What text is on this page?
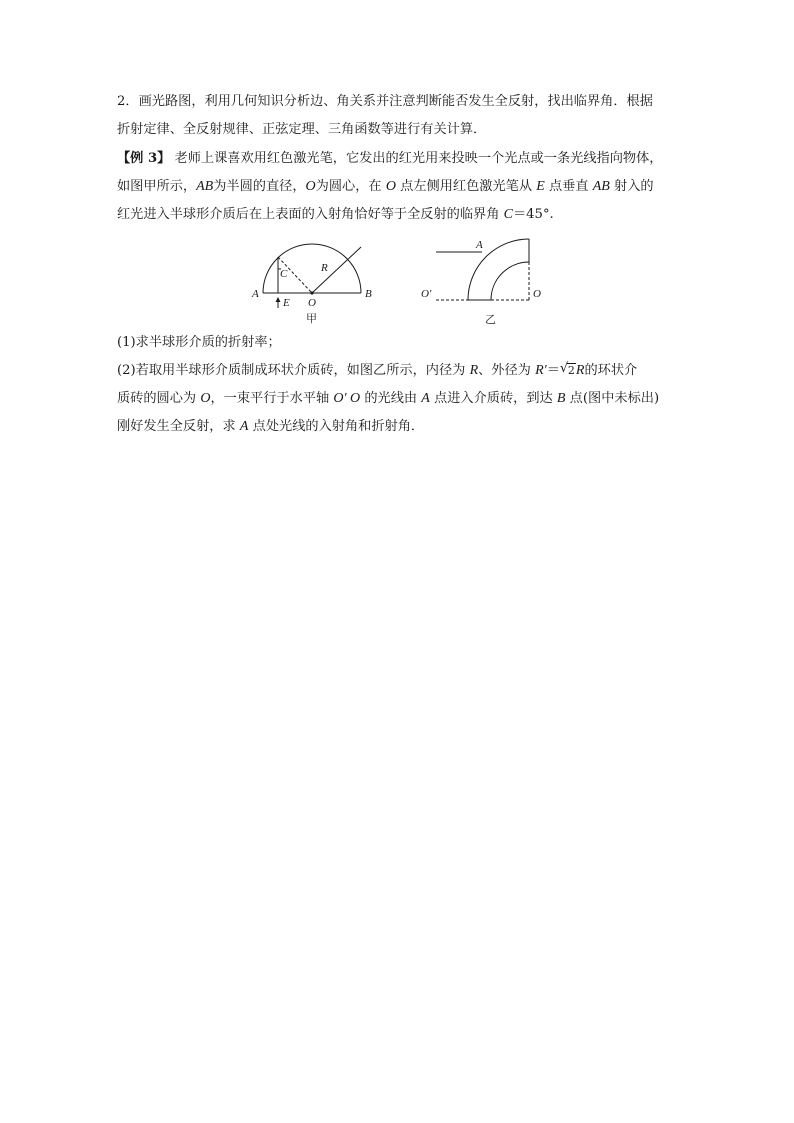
2．画光路图，利用几何知识分析边、角关系并注意判断能否发生全反射，找出临界角．根据
折射定律、全反射规律、正弦定理、三角函数等进行有关计算．
【例 3】 老师上课喜欢用红色激光笔，它发出的红光用来投映一个光点或一条光线指向物体，
如图甲所示，AB为半圆的直径，O为圆心，在 O 点左侧用红色激光笔从 E 点垂直 AB 射入的
红光进入半球形介质后在上表面的入射角恰好等于全反射的临界角 C＝45°.
A	B
O
E
C	R
甲
A
O′	O
乙
(1)求半球形介质的折射率；
(2)若取用半球形介质制成环状介质砖，如图乙所示，内径为 R、外径为 R′＝ √ 2R的环状介
质砖的圆心为 O，一束平行于水平轴 O′ O 的光线由 A 点进入介质砖，到达 B 点(图中未标出)
刚好发生全反射，求 A 点处光线的入射角和折射角．
